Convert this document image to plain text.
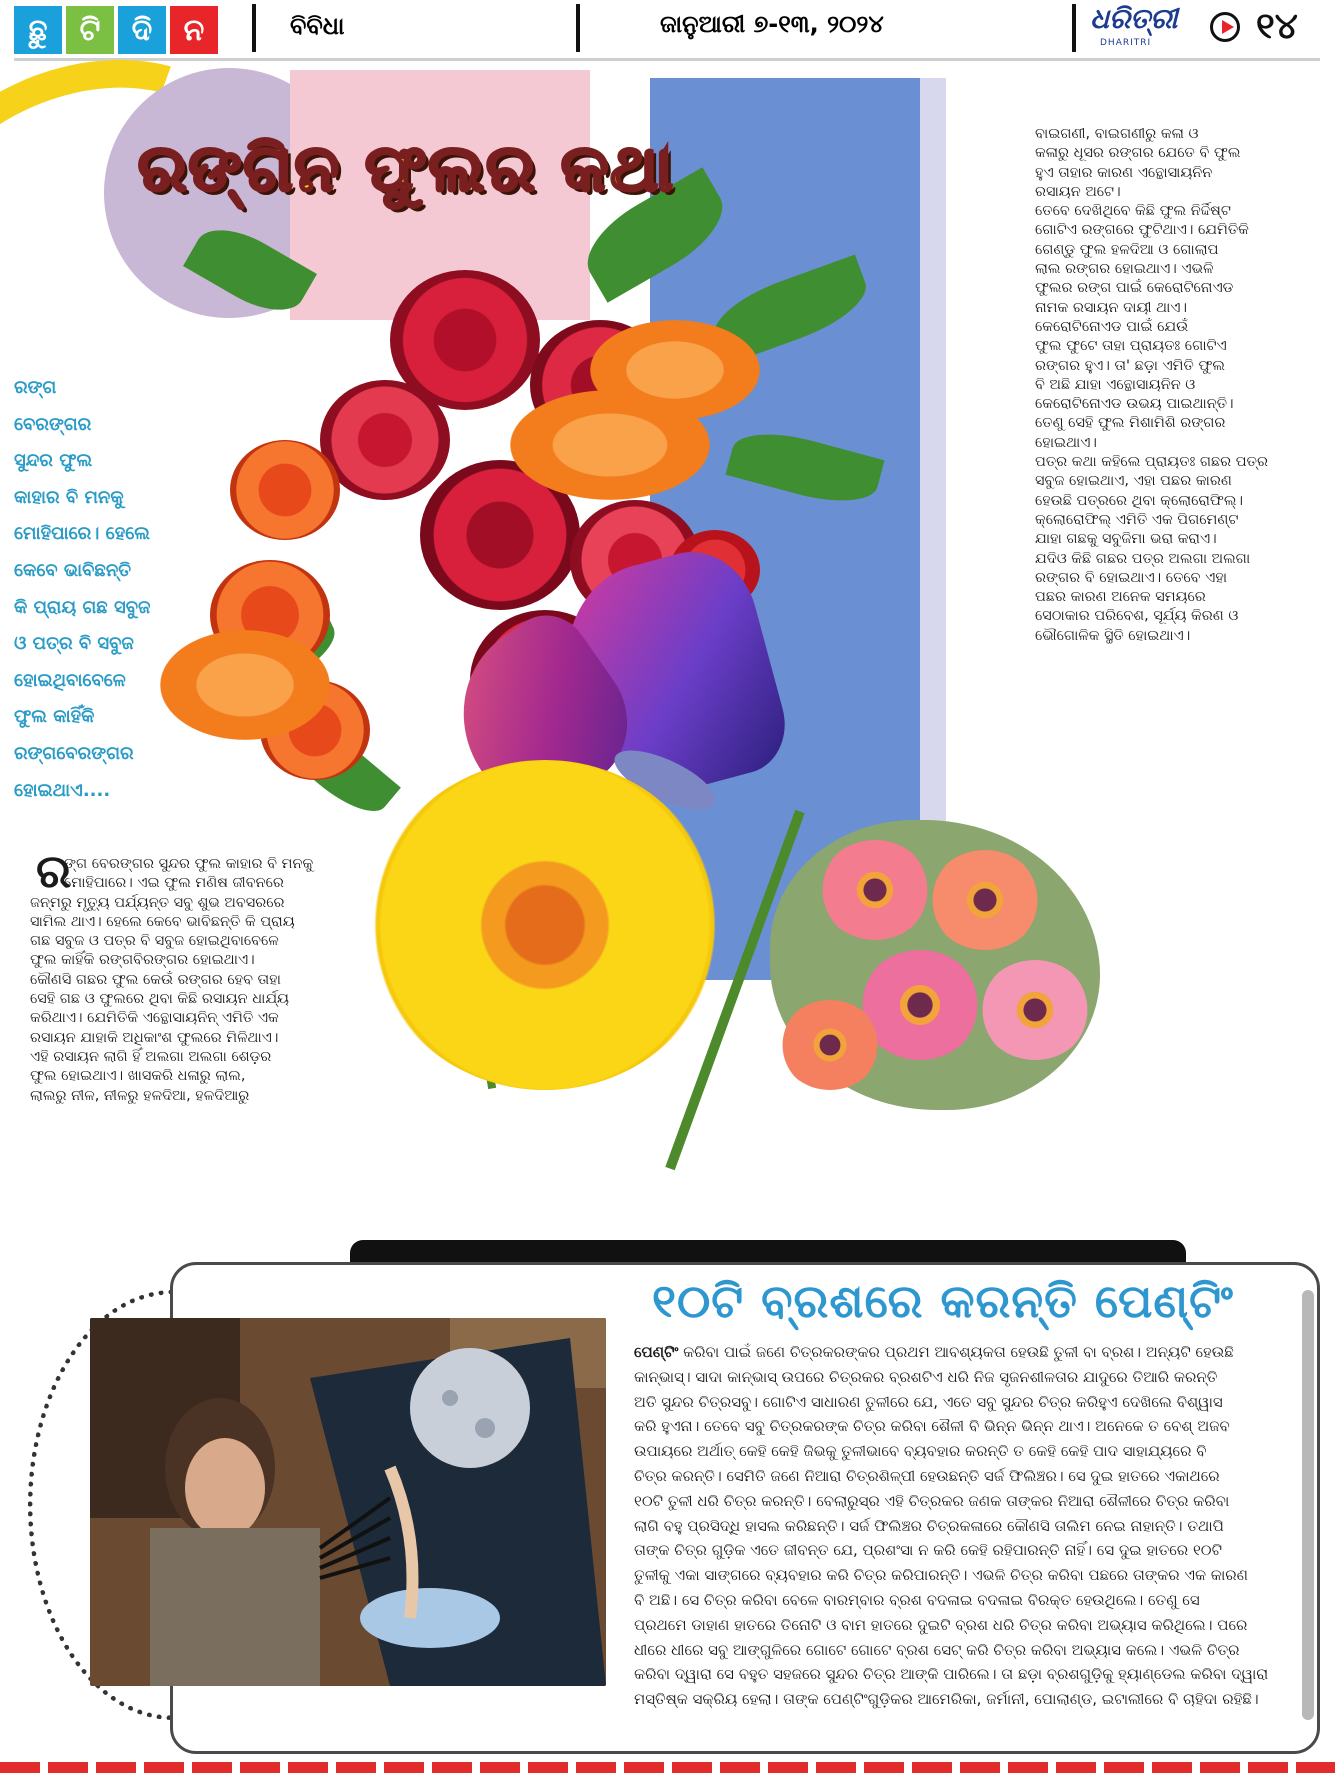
ଛୁ	ଟି	ଦି	ନ	ବିବିଧା	ଜାନୁଆରୀ ୭-୧୩, ୨୦୨୪	ଧରିତ୍ରୀ
DHARITRI	୧୪
ରଙ୍ଗିନ ଫୁଲର କଥା
ରଙ୍ଗ
ବେରଙ୍ଗର
ସୁନ୍ଦର ଫୁଲ
କାହାର ବି ମନକୁ
ମୋହିପାରେ। ହେଲେ
କେବେ ଭାବିଛନ୍ତି
କି ପ୍ରାୟ ଗଛ ସବୁଜ
ଓ ପତ୍ର ବି ସବୁଜ
ହୋଇଥିବାବେଳେ
ଫୁଲ କାହିଁକି
ରଙ୍ଗବେରଙ୍ଗର
ହୋଇଥାଏ....
ବାଇଗଣୀ, ବାଇଗଣୀରୁ କଳା ଓ
କଳାରୁ ଧୂସର ରଙ୍ଗର ଯେତେ ବି ଫୁଲ
ହୁଏ ତାହାର କାରଣ ଏନ୍ଥୋସାୟନିନ
ରସାୟନ ଅଟେ।
ତେବେ ଦେଖିଥିବେ କିଛି ଫୁଲ ନିର୍ଦ୍ଦିଷ୍ଟ
ଗୋଟିଏ ରଙ୍ଗରେ ଫୁଟିଥାଏ। ଯେମିତିକି
ଗେଣ୍ଡୁ ଫୁଲ ହଳଦିଆ ଓ ଗୋଲାପ
ଲାଲ ରଙ୍ଗର ହୋଇଥାଏ। ଏଭଳି
ଫୁଲର ରଙ୍ଗ ପାଇଁ କେରୋଟିନୋଏଡ
ନାମକ ରସାୟନ ଦାୟୀ ଥାଏ।
କେରୋଟିନୋଏଡ ପାଇଁ ଯେଉଁ
ଫୁଲ ଫୁଟେ ତାହା ପ୍ରାୟତଃ ଗୋଟିଏ
ରଙ୍ଗର ହୁଏ। ତା' ଛଡ଼ା ଏମିତି ଫୁଲ
ବି ଅଛି ଯାହା ଏନ୍ଥୋସାୟନିନ ଓ
କେରୋଟିନୋଏଡ ଉଭୟ ପାଇଥାନ୍ତି।
ତେଣୁ ସେହି ଫୁଲ ମିଶାମିଶି ରଙ୍ଗର
ହୋଇଥାଏ।
ପତ୍ର କଥା କହିଲେ ପ୍ରାୟତଃ ଗଛର ପତ୍ର
ସବୁଜ ହୋଇଥାଏ, ଏହା ପଛର କାରଣ
ହେଉଛି ପତ୍ରରେ ଥିବା କ୍ଲୋରୋଫିଲ୍।
କ୍ଲୋରୋଫିଲ୍ ଏମିତି ଏକ ପିଗମେଣ୍ଟ
ଯାହା ଗଛକୁ ସବୁଜିମା ଭରା କରାଏ।
ଯଦିଓ କିଛି ଗଛର ପତ୍ର ଅଲଗା ଅଲଗା
ରଙ୍ଗର ବି ହୋଇଥାଏ। ତେବେ ଏହା
ପଛର କାରଣ ଅନେକ ସମୟରେ
ସେଠାକାର ପରିବେଶ, ସୂର୍ଯ୍ୟ କିରଣ ଓ
ଭୌଗୋଳିକ ସ୍ଥିତି ହୋଇଥାଏ।
ର
ଙ୍ଗ ବେରଙ୍ଗର ସୁନ୍ଦର ଫୁଲ କାହାର ବି ମନକୁ
ମୋହିପାରେ। ଏଇ ଫୁଲ ମଣିଷ ଜୀବନରେ
ଜନ୍ମରୁ ମୃତ୍ୟୁ ପର୍ଯ୍ୟନ୍ତ ସବୁ ଶୁଭ ଅବସରରେ
ସାମିଲ ଥାଏ। ହେଲେ କେବେ ଭାବିଛନ୍ତି କି ପ୍ରାୟ
ଗଛ ସବୁଜ ଓ ପତ୍ର ବି ସବୁଜ ହୋଇଥିବାବେଳେ
ଫୁଲ କାହିଁକି ରଙ୍ଗବିରଙ୍ଗର ହୋଇଥାଏ।
କୌଣସି ଗଛର ଫୁଲ କେଉଁ ରଙ୍ଗର ହେବ ତାହା
ସେହି ଗଛ ଓ ଫୁଲରେ ଥିବା କିଛି ରସାୟନ ଧାର୍ଯ୍ୟ
କରିଥାଏ। ଯେମିତିକି ଏନ୍ଥୋସାୟନିନ୍ ଏମିତି ଏକ
ରସାୟନ ଯାହାକି ଅଧିକାଂଶ ଫୁଲରେ ମିଳିଥାଏ।
ଏହି ରସାୟନ ଲାଗି ହିଁ ଅଲଗା ଅଲଗା ଶେଡ଼ର
ଫୁଲ ହୋଇଥାଏ। ଖାସକରି ଧଳାରୁ ଲାଲ,
ଲାଲରୁ ନୀଳ, ନୀଳରୁ ହଳଦିଆ, ହଳଦିଆରୁ
୧୦ଟି ବ୍ରଶରେ କରନ୍ତି ପେଣ୍ଟିଂ
ପେଣ୍ଟିଂ କରିବା ପାଇଁ ଜଣେ ଚିତ୍ରକରଙ୍କର ପ୍ରଥମ ଆବଶ୍ୟକତା ହେଉଛି ତୁଳୀ ବା ବ୍ରଶ। ଅନ୍ୟଟି ହେଉଛି
କାନ୍‌ଭାସ୍। ସାଦା କାନ୍‌ଭାସ୍ ଉପରେ ଚିତ୍ରକର ବ୍ରଶଟିଏ ଧରି ନିଜ ସୃଜନଶୀଳତାର ଯାଦୁରେ ତିଆରି କରନ୍ତି
ଅତି ସୁନ୍ଦର ଚିତ୍ରସବୁ। ଗୋଟିଏ ସାଧାରଣ ତୁଳୀରେ ଯେ, ଏତେ ସବୁ ସୁନ୍ଦର ଚିତ୍ର କରିହୁଏ ଦେଖିଲେ ବିଶ୍ୱାସ
କରି ହୁଏନା। ତେବେ ସବୁ ଚିତ୍ରକରଙ୍କ ଚିତ୍ର କରିବା ଶୈଳୀ ବି ଭିନ୍ନ ଭିନ୍ନ ଥାଏ। ଅନେକେ ତ ବେଶ୍ ଅଜବ
ଉପାୟରେ ଅର୍ଥାତ୍ କେହି କେହି ଜିଭକୁ ତୁଳୀଭାବେ ବ୍ୟବହାର କରନ୍ତି ତ କେହି କେହି ପାଦ ସାହାଯ୍ୟରେ ବି
ଚିତ୍ର କରନ୍ତି। ସେମିତି ଜଣେ ନିଆରା ଚିତ୍ରଶିଳ୍ପୀ ହେଉଛନ୍ତି ସର୍ଜ ଫିଲିଞ୍ଚର। ସେ ଦୁଇ ହାତରେ ଏକାଥରେ
୧୦ଟି ତୁଳୀ ଧରି ଚିତ୍ର କରନ୍ତି। ବେଲାରୁସ୍‌ର ଏହି ଚିତ୍ରକର ଜଣକ ତାଙ୍କର ନିଆରା ଶୈଳୀରେ ଚିତ୍ର କରିବା
ଲାଗି ବହୁ ପ୍ରସିଦ୍ଧି ହାସଲ କରିଛନ୍ତି। ସର୍ଜ ଫିଲିଞ୍ଚର ଚିତ୍ରକଳାରେ କୌଣସି ତାଲିମ ନେଇ ନାହାନ୍ତି। ତଥାପି
ତାଙ୍କ ଚିତ୍ର ଗୁଡ଼ିକ ଏତେ ଜୀବନ୍ତ ଯେ, ପ୍ରଶଂସା ନ କରି କେହି ରହିପାରନ୍ତି ନାହିଁ। ସେ ଦୁଇ ହାତରେ ୧୦ଟି
ତୁଳୀକୁ ଏକା ସାଙ୍ଗରେ ବ୍ୟବହାର କରି ଚିତ୍ର କରିପାରନ୍ତି। ଏଭଳି ଚିତ୍ର କରିବା ପଛରେ ତାଙ୍କର ଏକ କାରଣ
ବି ଅଛି। ସେ ଚିତ୍ର କରିବା ବେଳେ ବାରମ୍ବାର ବ୍ରଶ ବଦଳାଇ ବଦଳାଇ ବିରକ୍ତ ହେଉଥିଲେ। ତେଣୁ ସେ
ପ୍ରଥମେ ଡାହାଣ ହାତରେ ତିନୋଟି ଓ ବାମ ହାତରେ ଦୁଇଟି ବ୍ରଶ ଧରି ଚିତ୍ର କରିବା ଅଭ୍ୟାସ କରିଥିଲେ। ପରେ
ଧୀରେ ଧୀରେ ସବୁ ଆଙ୍ଗୁଳିରେ ଗୋଟେ ଗୋଟେ ବ୍ରଶ ସେଟ୍ କରି ଚିତ୍ର କରିବା ଅଭ୍ୟାସ କଲେ। ଏଭଳି ଚିତ୍ର
କରିବା ଦ୍ୱାରା ସେ ବହୁତ ସହଜରେ ସୁନ୍ଦର ଚିତ୍ର ଆଙ୍କି ପାରିଲେ। ତା ଛଡ଼ା ବ୍ରଶଗୁଡ଼ିକୁ ହ୍ୟାଣ୍ଡେଲ କରିବା ଦ୍ୱାରା
ମସ୍ତିଷ୍କ ସକ୍ରିୟ ହେଲା। ତାଙ୍କ ପେଣ୍ଟିଂଗୁଡ଼ିକର ଆମେରିକା, ଜର୍ମାନୀ, ପୋଲାଣ୍ଡ, ଇଟାଲୀରେ ବି ଚାହିଦା ରହିଛି।
